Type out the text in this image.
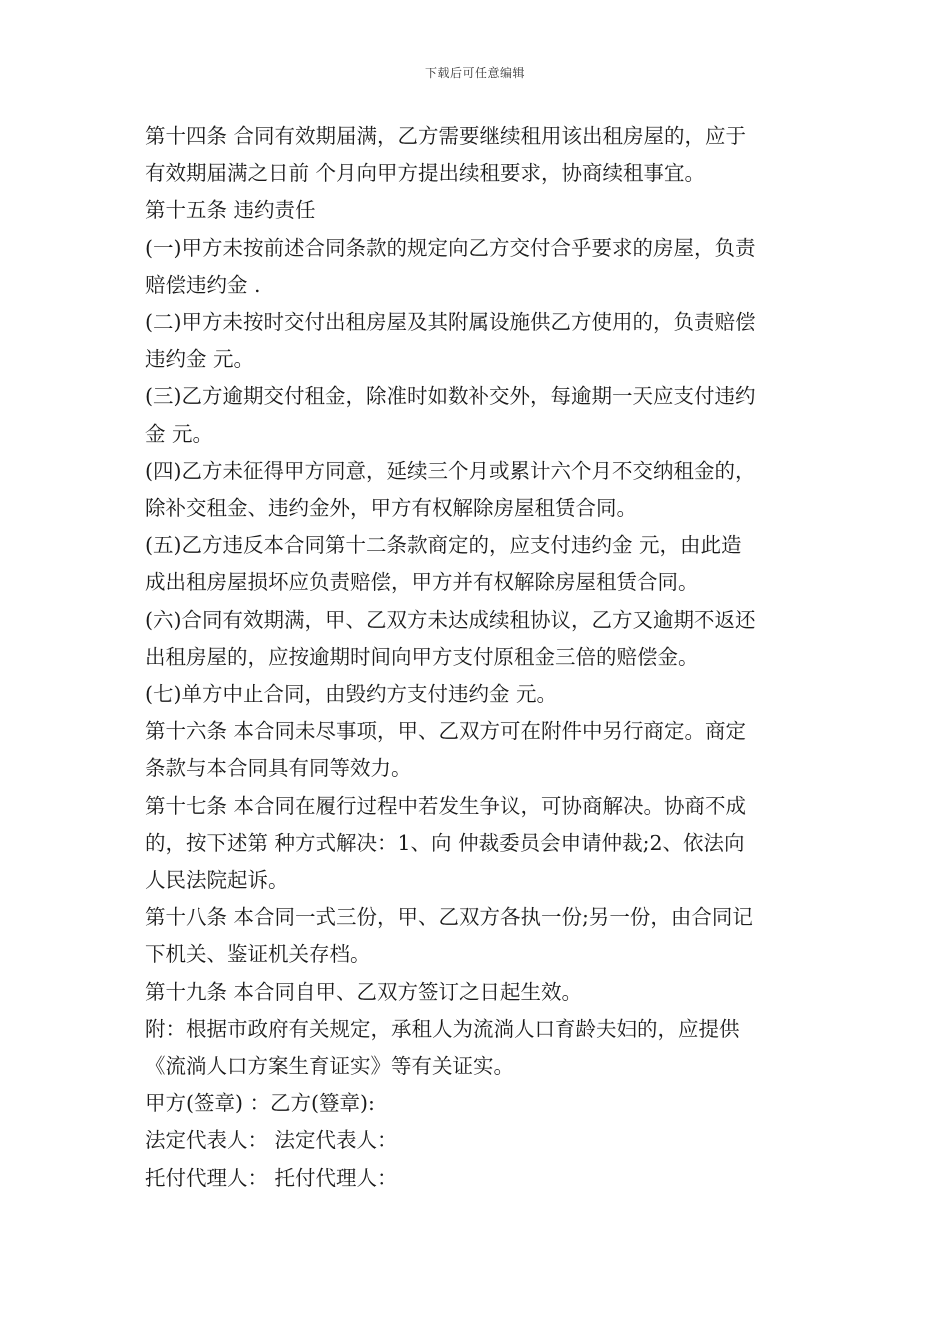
下载后可任意编辑
第十四条 合同有效期届满，乙方需要继续租用该出租房屋的，应于
有效期届满之日前 个月向甲方提出续租要求，协商续租事宜。
第十五条 违约责任
(一)甲方未按前述合同条款的规定向乙方交付合乎要求的房屋，负责
赔偿违约金 .
(二)甲方未按时交付出租房屋及其附属设施供乙方使用的，负责赔偿
违约金 元。
(三)乙方逾期交付租金，除准时如数补交外，每逾期一天应支付违约
金 元。
(四)乙方未征得甲方同意，延续三个月或累计六个月不交纳租金的，
除补交租金、违约金外，甲方有权解除房屋租赁合同。
(五)乙方违反本合同第十二条款商定的，应支付违约金 元，由此造
成出租房屋损坏应负责赔偿，甲方并有权解除房屋租赁合同。
(六)合同有效期满，甲、乙双方未达成续租协议，乙方又逾期不返还
出租房屋的，应按逾期时间向甲方支付原租金三倍的赔偿金。
(七)单方中止合同，由毁约方支付违约金 元。
第十六条 本合同未尽事项，甲、乙双方可在附件中另行商定。商定
条款与本合同具有同等效力。
第十七条 本合同在履行过程中若发生争议，可协商解决。协商不成
的，按下述第 种方式解决：1、向 仲裁委员会申请仲裁;2、依法向
人民法院起诉。
第十八条 本合同一式三份，甲、乙双方各执一份;另一份，由合同记
下机关、鉴证机关存档。
第十九条 本合同自甲、乙双方签订之日起生效。
附：根据市政府有关规定，承租人为流淌人口育龄夫妇的，应提供
《流淌人口方案生育证实》等有关证实。
甲方(签章) ：乙方(簦章):
法定代表人： 法定代表人：
托付代理人： 托付代理人：
